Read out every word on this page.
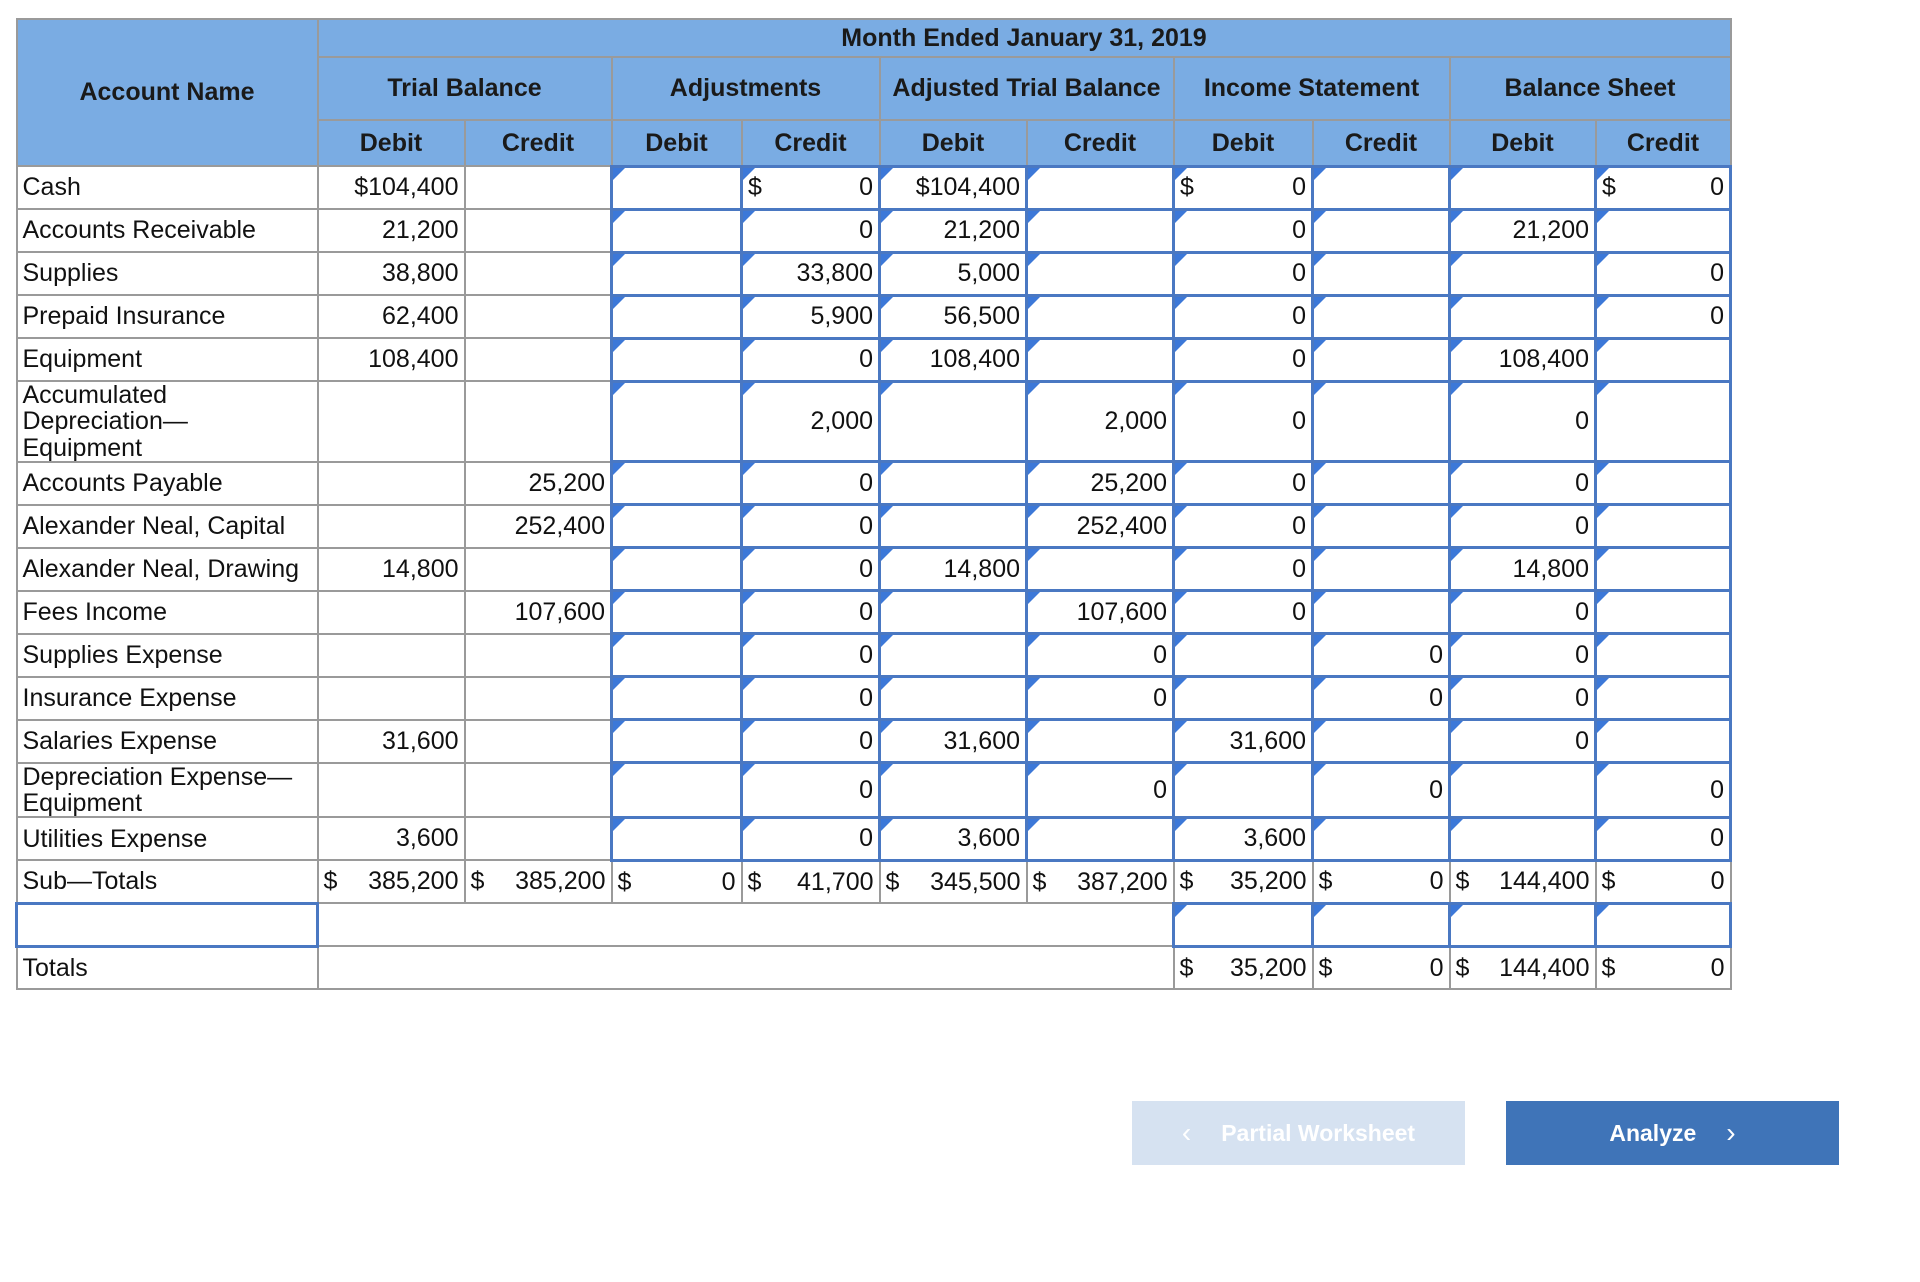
Account Name	Month Ended January 31, 2019									
	Trial Balance		Adjustments		Adjusted Trial Balance		Income Statement		Balance Sheet	
	Debit	Credit	Debit	Credit	Debit	Credit	Debit	Credit	Debit	Credit
Cash	$104,400			$ 0	$104,400		$ 0			$ 0
Accounts Receivable	21,200			0	21,200		0		21,200	
Supplies	38,800			33,800	5,000		0			0
Prepaid Insurance	62,400			5,900	56,500		0			0
Equipment	108,400			0	108,400		0		108,400	
Accumulated Depreciation— Equipment				2,000		2,000	0		0	
Accounts Payable		25,200		0		25,200	0		0	
Alexander Neal, Capital		252,400		0		252,400	0		0	
Alexander Neal, Drawing	14,800			0	14,800		0		14,800	
Fees Income		107,600		0		107,600	0		0	
Supplies Expense				0		0		0	0	
Insurance Expense				0		0		0	0	
Salaries Expense	31,600			0	31,600		31,600		0	
Depreciation Expense— Equipment				0		0		0		0
Utilities Expense	3,600			0	3,600		3,600			0
Sub—Totals	$ 385,200	$ 385,200	$ 0	$ 41,700	$ 345,500	$ 387,200	$ 35,200	$ 0	$ 144,400	$ 0

Totals							$ 35,200	$ 0	$ 144,400	$ 0
‹ Partial Worksheet	Analyze ›
